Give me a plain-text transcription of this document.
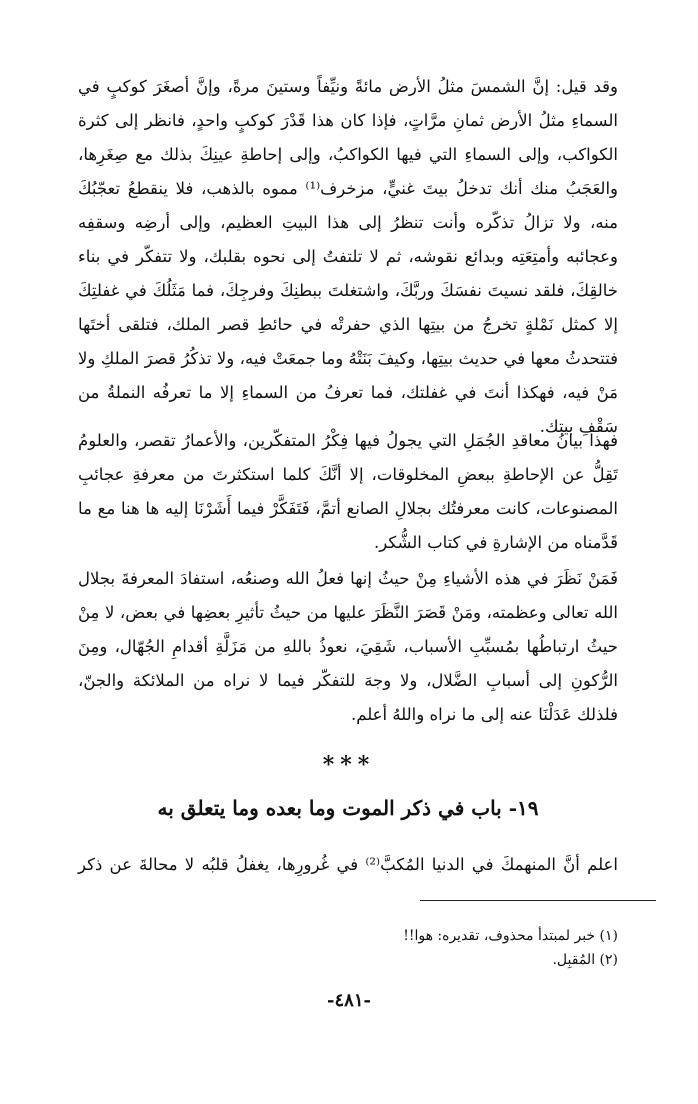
وقد قيل: إنَّ الشمسَ مثلُ الأرض مائةً ونيِّفاً وستينَ مرةً، وإنَّ أصغَرَ كوكبٍ في السماءِ مثلُ الأرض ثمانِ مرَّاتٍ، فإذا كان هذا قَدْرَ كوكبٍ واحدٍ، فانظر إلى كثرة الكواكب، وإلى السماءِ التي فيها الكواكبُ، وإلى إحاطةِ عينِكَ بذلك مع صِغَرِها، والعَجَبُ منك أنك تدخلُ بيتَ غنيٍّ، مزخرف⁽¹⁾ مموه بالذهب، فلا ينقطعُ تعجّبُكَ منه، ولا تزالُ تذكّره وأنت تنظرُ إلى هذا البيتِ العظيم، وإلى أرضِه وسقفِه وعجائبه وأمتِعَتِه وبدائع نقوشه، ثم لا تلتفتُ إلى نحوه بقلبك، ولا تتفكّر في بناء خالقِكَ، فلقد نسيتَ نفسَكَ وربَّكَ، واشتغلتَ ببطنِكَ وفرجِكَ، فما مَثَلُكَ في غفلتِكَ إلا كمثل نَمْلةٍ تخرجُ من بيتِها الذي حفرتْه في حائطِ قصر الملك، فتلقى أختَها فتتحدثُ معها في حديث بيتِها، وكيفَ بَنَتْهُ وما جمعَتْ فيه، ولا تذكُرُ قصرَ الملكِ ولا مَنْ فيه، فهكذا أنتَ في غفلتك، فما تعرفُ من السماءِ إلا ما تعرفُه النملةُ من سَقْفِ بيتك.

فهذا بيانُ معاقدِ الجُمَلِ التي يجولُ فيها فِكْرُ المتفكّرين، والأعمارُ تقصر، والعلومُ تَقِلُّ عن الإحاطةِ ببعضِ المخلوقات، إلا أنَّكَ كلما استكثرتَ من معرفةِ عجائبِ المصنوعات، كانت معرفتُك بجلالِ الصانع أتمَّ، فَتَفَكَّرْ فيما أَشَرْنَا إليه ها هنا مع ما قَدَّمناه من الإشارةِ في كتاب الشُّكر.

فَمَنْ نَظَرَ في هذه الأشياءِ مِنْ حيثُ إنها فعلُ الله وصنعُه، استفادَ المعرفةَ بجلال الله تعالى وعظمته، ومَنْ قَصَرَ النَّظَرَ عليها من حيثُ تأثيرِ بعضِها في بعض، لا مِنْ حيثُ ارتباطُها بمُسبِّبِ الأسباب، شَقِيَ، نعوذُ باللهِ من مَزَلَّةِ أقدامِ الجُهّال، ومِنَ الرُّكونِ إلى أسبابِ الضَّلال، ولا وجهَ للتفكّر فيما لا نراه من الملائكة والجنّ، فلذلك عَدَلْنَا عنه إلى ما نراه واللهُ أعلم.

***
١٩- باب في ذكر الموت وما بعده وما يتعلق به

اعلم أنَّ المنهمكَ في الدنيا المُكبَّ⁽²⁾ في غُرورِها، يغفلُ قلبُه لا محالةَ عن ذكر

(١) خبر لمبتدأ محذوف، تقديره: هوا!!
(٢) المُقبِل.
-٤٨١-
